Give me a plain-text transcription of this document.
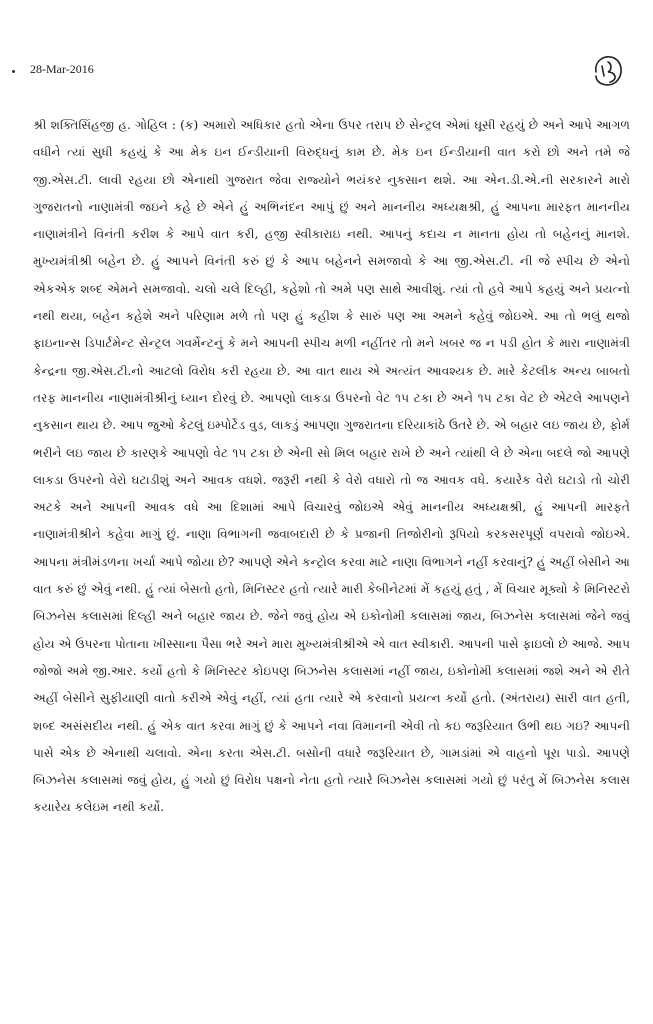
28-Mar-2016
શ્રી શક્તિસિંહજી હ. ગોહિલ : (ક) અમારો અધિકાર હતો એના ઉપર તરાપ છે સેન્ટ્રલ એમાં ઘૂસી રહયું છે અને આપે આગળ વધીને ત્યાં સુધી કહયું કે આ મેક ઇન ઈન્ડીયાની વિરુદ્ધનું કામ છે. મેક ઇન ઈન્ડીયાની વાત કરો છો અને તમે જે જી.એસ.ટી. લાવી રહયા છો એનાથી ગુજરાત જેવા રાજ્યોને ભયંકર નુકસાન થશે. આ એન.ડી.એ.ની સરકારને મારો ગુજરાતનો નાણામંત્રી જઇને કહે છે એને હું અભિનંદન આપું છું અને માનનીય અધ્યક્ષશ્રી, હું આપના મારફત માનનીય નાણામંત્રીને વિનંતી કરીશ કે આપે વાત કરી, હજી સ્વીકારાઇ નથી. આપનું કદાચ ન માનતા હોય તો બહેનનું માનશે. મુખ્યમંત્રીશ્રી બહેન છે. હું આપને વિનંતી કરું છું કે આપ બહેનને સમજાવો કે આ જી.એસ.ટી. ની જે સ્પીચ છે એનો એકએક શબ્દ એમને સમજાવો. ચલો ચલે દિલ્હી, કહેશો તો અમે પણ સાથે આવીશું. ત્યાં તો હવે આપે કહયું અને પ્રયત્નો નથી થયા, બહેન કહેશે અને પરિણામ મળે તો પણ હું કહીશ કે સારું પણ આ અમને કહેવું જોઇએ. આ તો ભલું થજો ફાઇનાન્સ ડિપાર્ટમેન્ટ સેન્ટ્રલ ગવર્મેન્ટનું કે મને આપની સ્પીચ મળી નહીંતર તો મને ખબર જ ન પડી હોત કે મારા નાણામંત્રી કેન્દ્રના જી.એસ.ટી.નો આટલો વિરોધ કરી રહયા છે. આ વાત થાય એ અત્યંત આવશ્યક છે. મારે કેટલીક અન્ય બાબતો તરફ માનનીય નાણામંત્રીશ્રીનું ધ્યાન દોરવું છે. આપણો લાકડા ઉપરનો વેટ ૧૫ ટકા છે અને ૧૫ ટકા વેટ છે એટલે આપણને નુકસાન થાય છે. આપ જુઓ કેટલું ઇમ્પોર્ટેડ વુડ, લાકડું આપણા ગુજરાતના દરિયાકાંઠે ઉતરે છે. એ બહાર લઇ જાય છે, ફોર્મ ભરીને લઇ જાય છે કારણકે આપણો વેટ ૧૫ ટકા છે એની સો મિલ બહાર રાખે છે અને ત્યાંથી લે છે એના બદલે જો આપણે લાકડા ઉપરનો વેરો ઘટાડીશું અને આવક વધશે. જરૂરી નથી કે વેરો વધારો તો જ આવક વધે. કયારેક વેરો ઘટાડો તો ચોરી અટકે અને આપની આવક વધે આ દિશામાં આપે વિચારવું જોઇએ એવું માનનીય અધ્યક્ષશ્રી, હું આપની મારફતે નાણામંત્રીશ્રીને કહેવા માગું છું. નાણા વિભાગની જવાબદારી છે કે પ્રજાની તિજોરીનો રૂપિયો કરકસરપૂર્ણ વપરાવો જોઇએ. આપના મંત્રીમંડળના ખર્ચા આપે જોયા છે? આપણે એને કન્ટ્રોલ કરવા માટે નાણા વિભાગને નહીં કરવાનું? હું અહીં બેસીને આ વાત કરું છું એવું નથી. હું ત્યાં બેસતો હતો, મિનિસ્ટર હતો ત્યારે મારી કેબીનેટમાં મેં કહયું હતું , મેં વિચાર મૂક્યો કે મિનિસ્ટરો બિઝનેસ કલાસમાં દિલ્હી અને બહાર જાય છે. જેને જવું હોય એ ઇકોનોમી કલાસમાં જાય, બિઝનેસ કલાસમાં જેને જવું હોય એ ઉપરના પોતાના ખીસ્સાના પૈસા ભરે અને મારા મુખ્યમંત્રીશ્રીએ એ વાત સ્વીકારી. આપની પાસે ફાઇલો છે આજે. આપ જોજો અમે જી.આર. કર્યો હતો કે મિનિસ્ટર કોઇપણ બિઝનેસ કલાસમાં નહીં જાય, ઇકોનોમી કલાસમાં જશે અને એ રીતે અહીં બેસીને સુફીયાણી વાતો કરીએ એવું નહીં, ત્યાં હતા ત્યારે એ કરવાનો પ્રયત્ન કર્યો હતો. (અંતરાય) સારી વાત હતી, શબ્દ અસંસદીય નથી. હું એક વાત કરવા માગું છું કે આપને નવા વિમાનની એવી તો કઇ જરૂરિયાત ઉભી થઇ ગઇ? આપની પાસે એક છે એનાથી ચલાવો. એના કરતા એસ.ટી. બસોની વધારે જરૂરિયાત છે, ગામડાંમાં એ વાહનો પૂરા પાડો. આપણે બિઝનેસ કલાસમાં જવું હોય, હું ગયો છું વિરોધ પક્ષનો નેતા હતો ત્યારે બિઝનેસ કલાસમાં ગયો છું પરંતુ મેં બિઝનેસ કલાસ કયારેય કલેઇમ નથી કર્યો.
